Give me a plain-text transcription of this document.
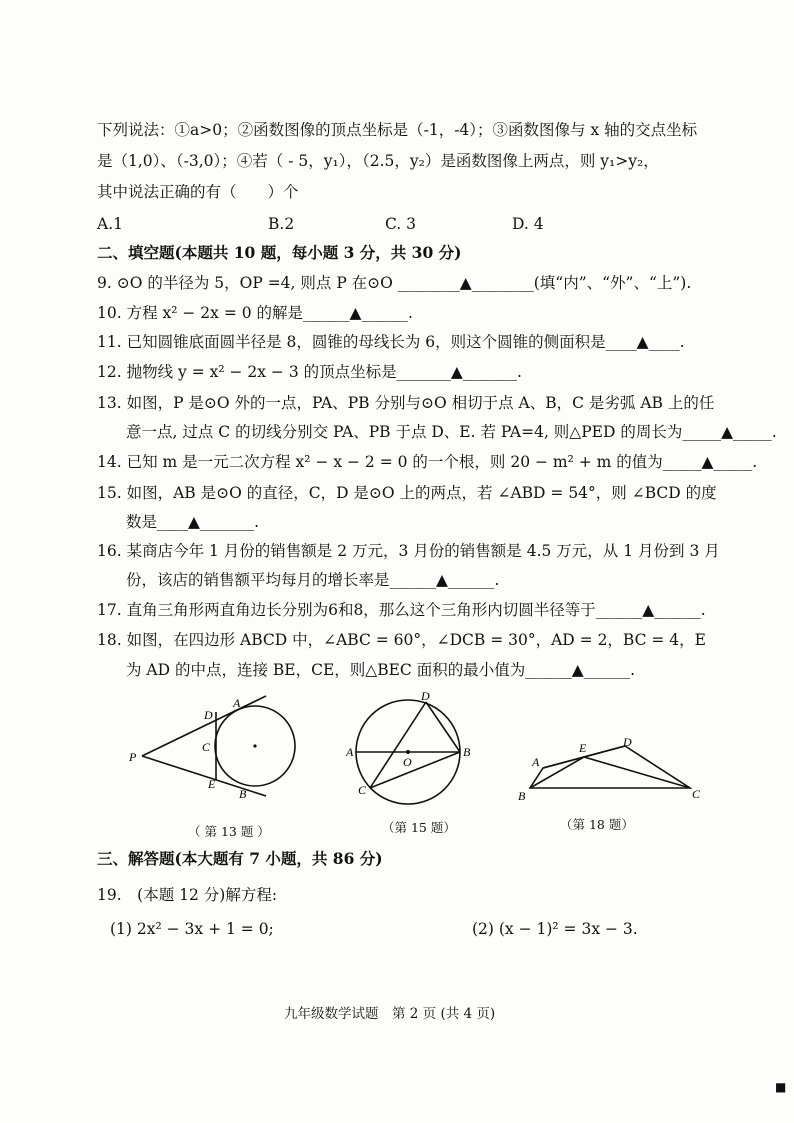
下列说法：①a>0；②函数图像的顶点坐标是（-1，-4）；③函数图像与 x 轴的交点坐标
是（1,0）、（-3,0）；④若（ - 5，y₁），（2.5，y₂）是函数图像上两点，则 y₁>y₂，
其中说法正确的有（　　）个
A.1	B.2	C. 3	D. 4
二、填空题(本题共 10 题，每小题 3 分，共 30 分)
9. ⊙O 的半径为 5，OP =4, 则点 P 在⊙O ________▲________(填“内”、“外”、“上”).
10. 方程 x² − 2x = 0 的解是______▲______.
11. 已知圆锥底面圆半径是 8，圆锥的母线长为 6，则这个圆锥的侧面积是____▲____.
12. 抛物线 y = x² − 2x − 3 的顶点坐标是_______▲_______.
13. 如图，P 是⊙O 外的一点，PA、PB 分别与⊙O 相切于点 A、B，C 是劣弧 AB 上的任
意一点, 过点 C 的切线分别交 PA、PB 于点 D、E. 若 PA=4, 则△PED 的周长为_____▲_____.
14. 已知 m 是一元二次方程 x² − x − 2 = 0 的一个根，则 20 − m² + m 的值为_____▲_____.
15. 如图，AB 是⊙O 的直径，C，D 是⊙O 上的两点，若 ∠ABD = 54°，则 ∠BCD 的度
数是____▲_______.
16. 某商店今年 1 月份的销售额是 2 万元，3 月份的销售额是 4.5 万元，从 1 月份到 3 月
份，该店的销售额平均每月的增长率是______▲______.
17. 直角三角形两直角边长分别为6和8，那么这个三角形内切圆半径等于______▲______.
18. 如图，在四边形 ABCD 中，∠ABC = 60°，∠DCB = 30°，AD = 2，BC = 4，E
为 AD 的中点，连接 BE，CE，则△BEC 面积的最小值为______▲______.
P
D
A
C
E
B
（ 第 13 题 ）
A	B
C
D
O
（第 15 题）
A
B	C
D
E
（第 18 题）
三、解答题(本大题有 7 小题，共 86 分)
19.　(本题 12 分)解方程:
(1) 2x² − 3x + 1 = 0;	(2) (x − 1)² = 3x − 3.
九年级数学试题　第 2 页 (共 4 页)
■
